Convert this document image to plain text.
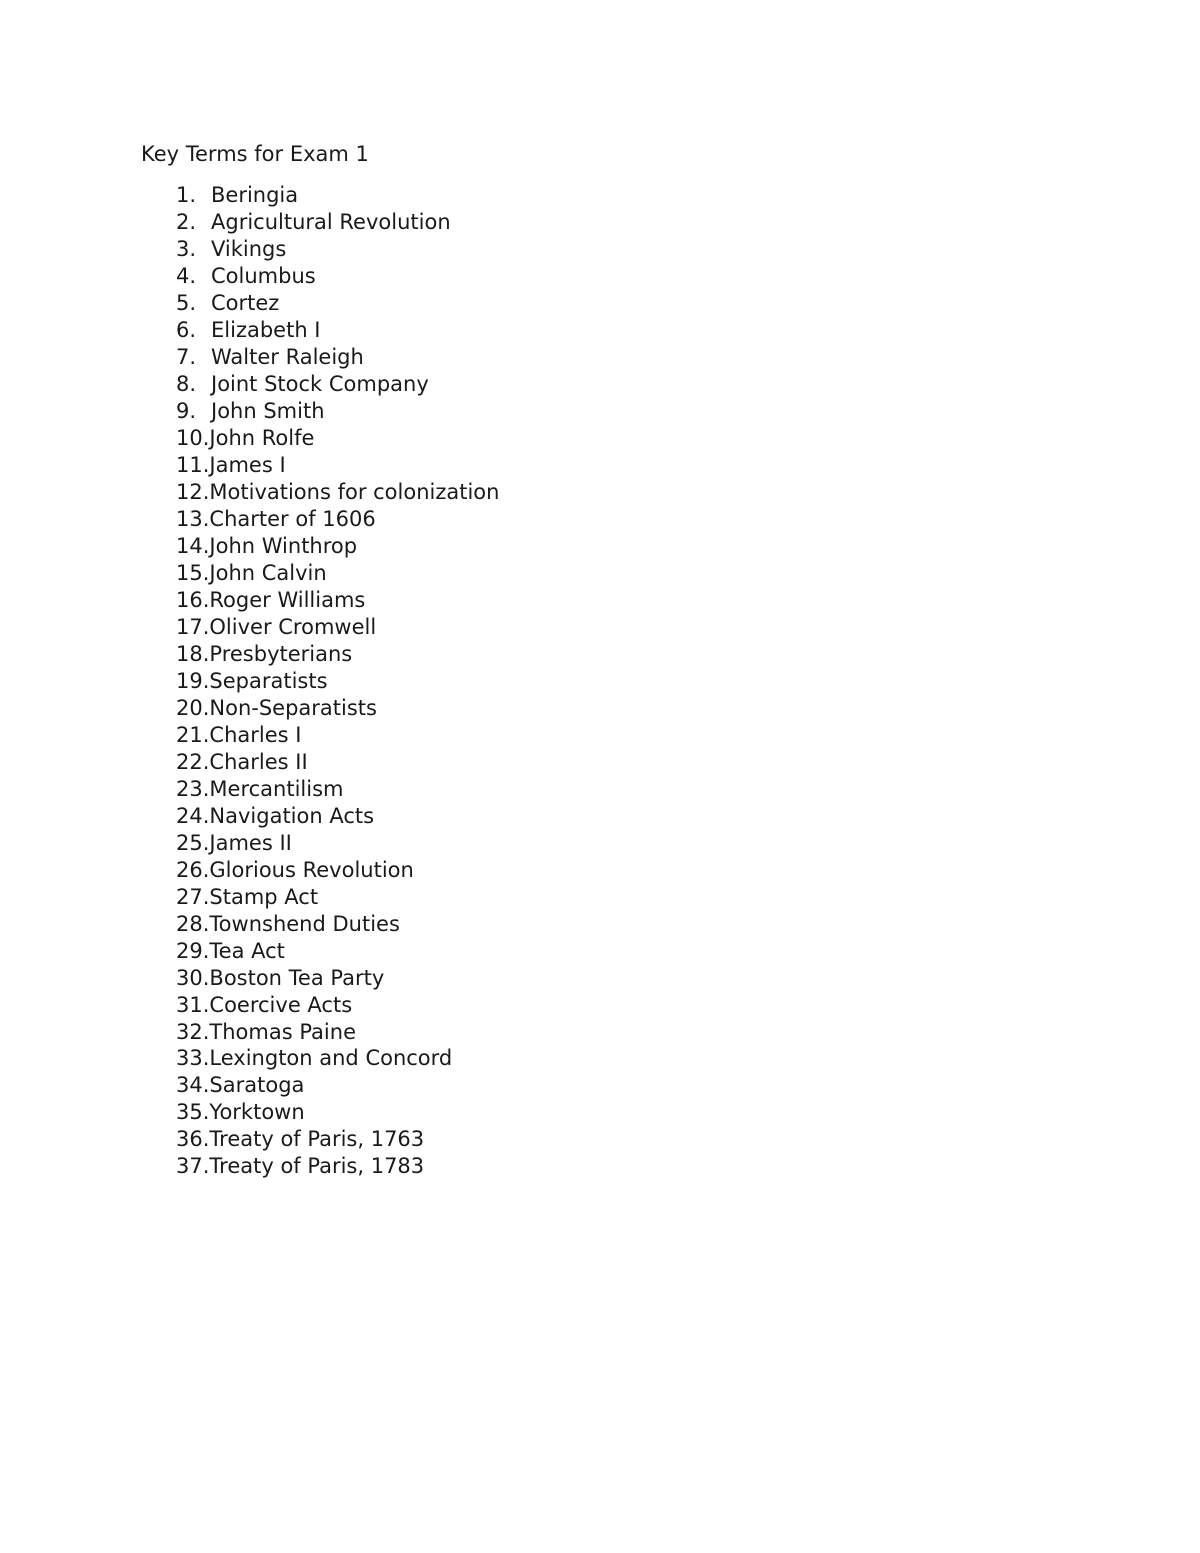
Key Terms for Exam 1
1. Beringia
2. Agricultural Revolution
3. Vikings
4. Columbus
5. Cortez
6. Elizabeth I
7. Walter Raleigh
8. Joint Stock Company
9. John Smith
10. John Rolfe
11. James I
12. Motivations for colonization
13. Charter of 1606
14. John Winthrop
15. John Calvin
16. Roger Williams
17. Oliver Cromwell
18. Presbyterians
19. Separatists
20. Non-Separatists
21. Charles I
22. Charles II
23. Mercantilism
24. Navigation Acts
25. James II
26. Glorious Revolution
27. Stamp Act
28. Townshend Duties
29. Tea Act
30. Boston Tea Party
31. Coercive Acts
32. Thomas Paine
33. Lexington and Concord
34. Saratoga
35. Yorktown
36. Treaty of Paris, 1763
37. Treaty of Paris, 1783
